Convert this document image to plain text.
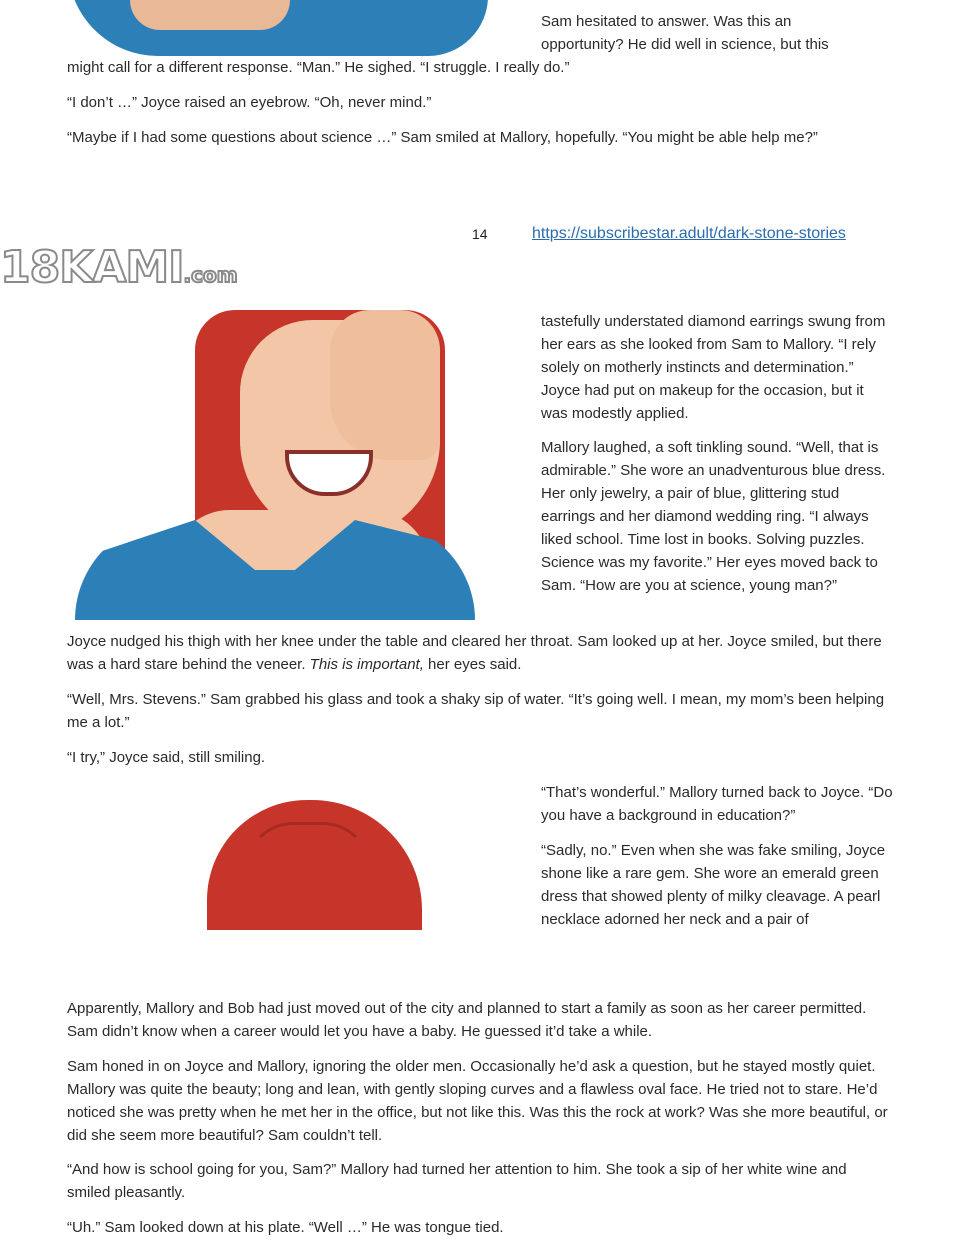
Sam hesitated to answer. Was this an

opportunity? He did well in science, but this

might call for a different response. “Man.” He sighed. “I struggle. I really do.”

“I don’t …” Joyce raised an eyebrow. “Oh, never mind.”

“Maybe if I had some questions about science …” Sam smiled at Mallory, hopefully. “You might be able help me?”

14	https://subscribestar.adult/dark-stone-stories
18KAMI.com
tastefully understated diamond earrings swung from her ears as she looked from Sam to Mallory. “I rely solely on motherly instincts and determination.” Joyce had put on makeup for the occasion, but it was modestly applied.
Mallory laughed, a soft tinkling sound. “Well, that is admirable.” She wore an unadventurous blue dress. Her only jewelry, a pair of blue, glittering stud earrings and her diamond wedding ring. “I always liked school. Time lost in books. Solving puzzles. Science was my favorite.” Her eyes moved back to Sam. “How are you at science, young man?”

Joyce nudged his thigh with her knee under the table and cleared her throat. Sam looked up at her. Joyce smiled, but there was a hard stare behind the veneer. This is important, her eyes said.

“Well, Mrs. Stevens.” Sam grabbed his glass and took a shaky sip of water. “It’s going well. I mean, my mom’s been helping me a lot.”

“I try,” Joyce said, still smiling.

“That’s wonderful.” Mallory turned back to Joyce. “Do you have a background in education?”
“Sadly, no.” Even when she was fake smiling, Joyce shone like a rare gem. She wore an emerald green dress that showed plenty of milky cleavage. A pearl necklace adorned her neck and a pair of

Apparently, Mallory and Bob had just moved out of the city and planned to start a family as soon as her career permitted. Sam didn’t know when a career would let you have a baby. He guessed it’d take a while.

Sam honed in on Joyce and Mallory, ignoring the older men. Occasionally he’d ask a question, but he stayed mostly quiet. Mallory was quite the beauty; long and lean, with gently sloping curves and a flawless oval face. He tried not to stare. He’d noticed she was pretty when he met her in the office, but not like this. Was this the rock at work? Was she more beautiful, or did she seem more beautiful? Sam couldn’t tell.

“And how is school going for you, Sam?” Mallory had turned her attention to him. She took a sip of her white wine and smiled pleasantly.

“Uh.” Sam looked down at his plate. “Well …” He was tongue tied.
